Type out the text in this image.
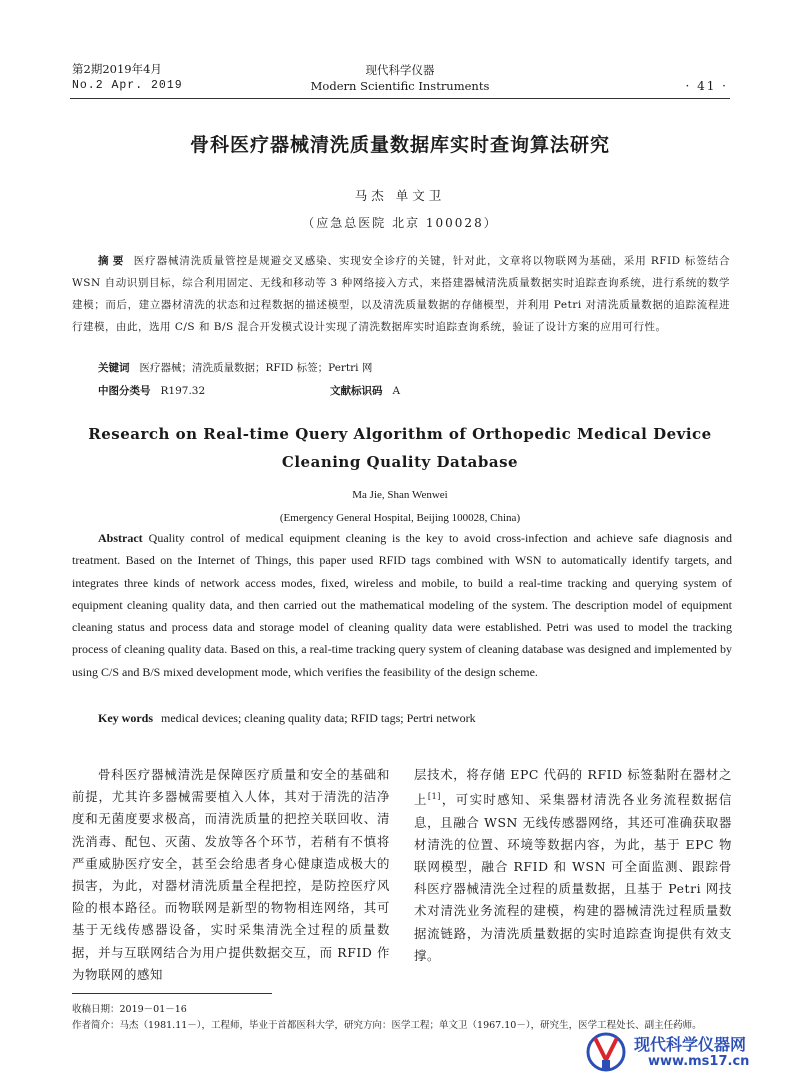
第2期2019年4月
No.2 Apr. 2019
现代科学仪器
Modern Scientific Instruments	· 41 ·
骨科医疗器械清洗质量数据库实时查询算法研究
马杰 单文卫
（应急总医院 北京 100028）
摘要 医疗器械清洗质量管控是规避交叉感染、实现安全诊疗的关键，针对此，文章将以物联网为基础，采用 RFID 标签结合 WSN 自动识别目标，综合利用固定、无线和移动等 3 种网络接入方式，来搭建器械清洗质量数据实时追踪查询系统，进行系统的数学建模；而后，建立器材清洗的状态和过程数据的描述模型，以及清洗质量数据的存储模型，并利用 Petri 对清洗质量数据的追踪流程进行建模，由此，选用 C/S 和 B/S 混合开发模式设计实现了清洗数据库实时追踪查询系统，验证了设计方案的应用可行性。
关键词 医疗器械；清洗质量数据；RFID 标签；Pertri 网
中图分类号 R197.32	文献标识码 A
Research on Real-time Query Algorithm of Orthopedic Medical Device Cleaning Quality Database
Ma Jie, Shan Wenwei
(Emergency General Hospital, Beijing 100028, China)
Abstract Quality control of medical equipment cleaning is the key to avoid cross-infection and achieve safe diagnosis and treatment. Based on the Internet of Things, this paper used RFID tags combined with WSN to automatically identify targets, and integrates three kinds of network access modes, fixed, wireless and mobile, to build a real-time tracking and querying system of equipment cleaning quality data, and then carried out the mathematical modeling of the system. The description model of equipment cleaning status and process data and storage model of cleaning quality data were established. Petri was used to model the tracking process of cleaning quality data. Based on this, a real-time tracking query system of cleaning database was designed and implemented by using C/S and B/S mixed development mode, which verifies the feasibility of the design scheme.
Key words medical devices; cleaning quality data; RFID tags; Pertri network
骨科医疗器械清洗是保障医疗质量和安全的基础和前提，尤其许多器械需要植入人体，其对于清洗的洁净度和无菌度要求极高，而清洗质量的把控关联回收、清洗消毒、配包、灭菌、发放等各个环节，若稍有不慎将严重威胁医疗安全，甚至会给患者身心健康造成极大的损害，为此，对器材清洗质量全程把控，是防控医疗风险的根本路径。而物联网是新型的物物相连网络，其可基于无线传感器设备，实时采集清洗全过程的质量数据，并与互联网结合为用户提供数据交互，而 RFID 作为物联网的感知
层技术，将存储 EPC 代码的 RFID 标签黏附在器材之上[1]，可实时感知、采集器材清洗各业务流程数据信息，且融合 WSN 无线传感器网络，其还可准确获取器材清洗的位置、环境等数据内容，为此，基于 EPC 物联网模型，融合 RFID 和 WSN 可全面监测、跟踪骨科医疗器械清洗全过程的质量数据，且基于 Petri 网技术对清洗业务流程的建模，构建的器械清洗过程质量数据流链路，为清洗质量数据的实时追踪查询提供有效支撑。
收稿日期：2019－01－16
作者简介：马杰（1981.11－），工程师，毕业于首都医科大学，研究方向：医学工程；单文卫（1967.10－），研究生，医学工程处长、副主任药师。
现代科学仪器网
www.ms17.cn
